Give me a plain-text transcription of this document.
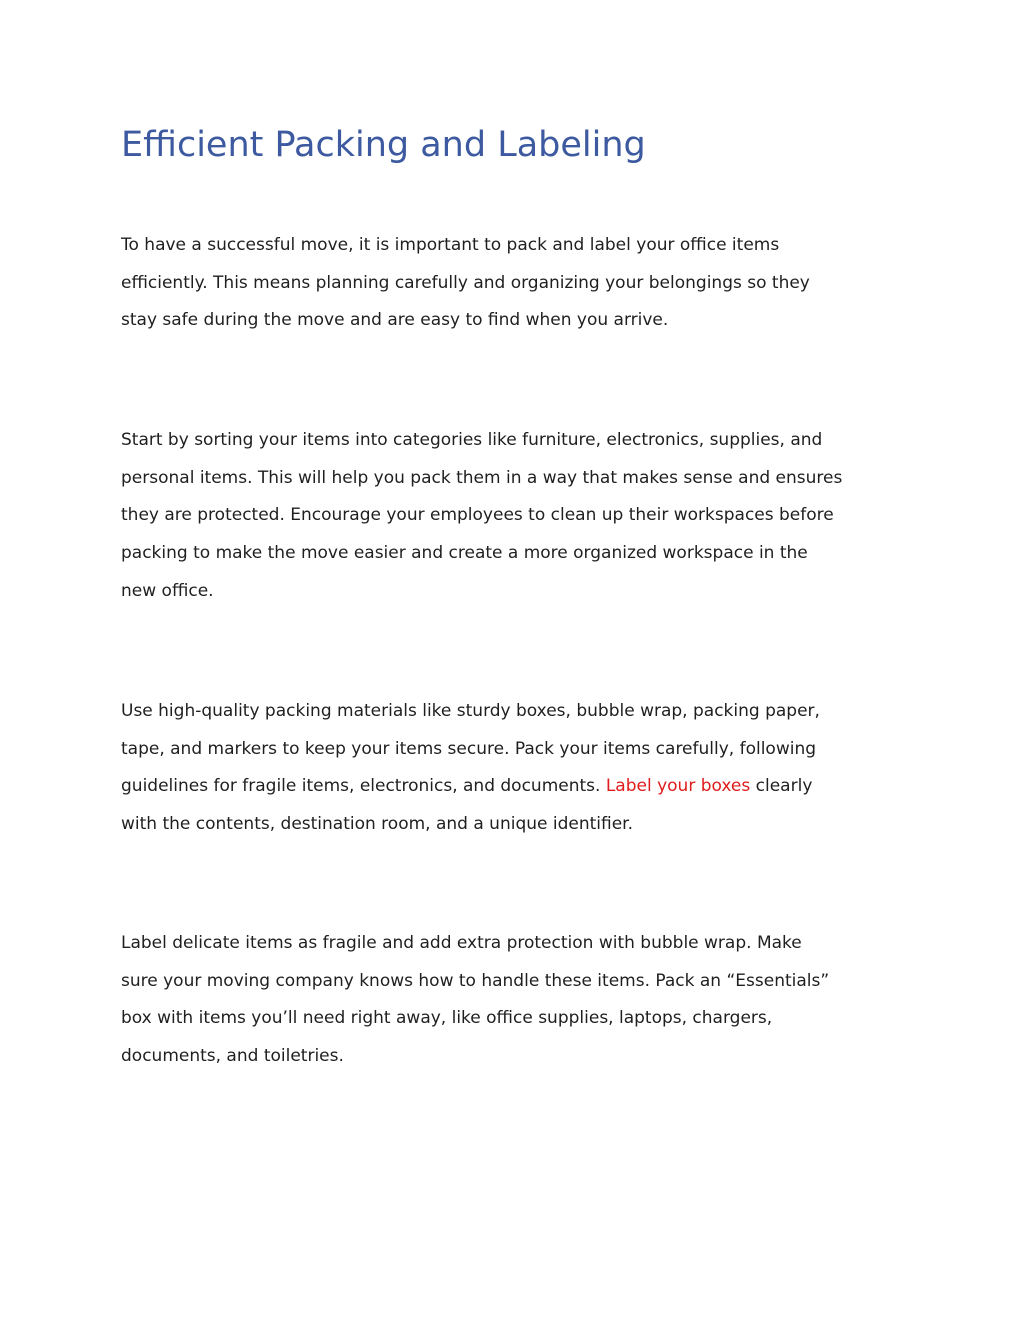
Efficient Packing and Labeling

To have a successful move, it is important to pack and label your office items
efficiently. This means planning carefully and organizing your belongings so they
stay safe during the move and are easy to find when you arrive.

Start by sorting your items into categories like furniture, electronics, supplies, and
personal items. This will help you pack them in a way that makes sense and ensures
they are protected. Encourage your employees to clean up their workspaces before
packing to make the move easier and create a more organized workspace in the
new office.

Use high-quality packing materials like sturdy boxes, bubble wrap, packing paper,
tape, and markers to keep your items secure. Pack your items carefully, following
guidelines for fragile items, electronics, and documents. Label your boxes clearly
with the contents, destination room, and a unique identifier.

Label delicate items as fragile and add extra protection with bubble wrap. Make
sure your moving company knows how to handle these items. Pack an “Essentials”
box with items you’ll need right away, like office supplies, laptops, chargers,
documents, and toiletries.
